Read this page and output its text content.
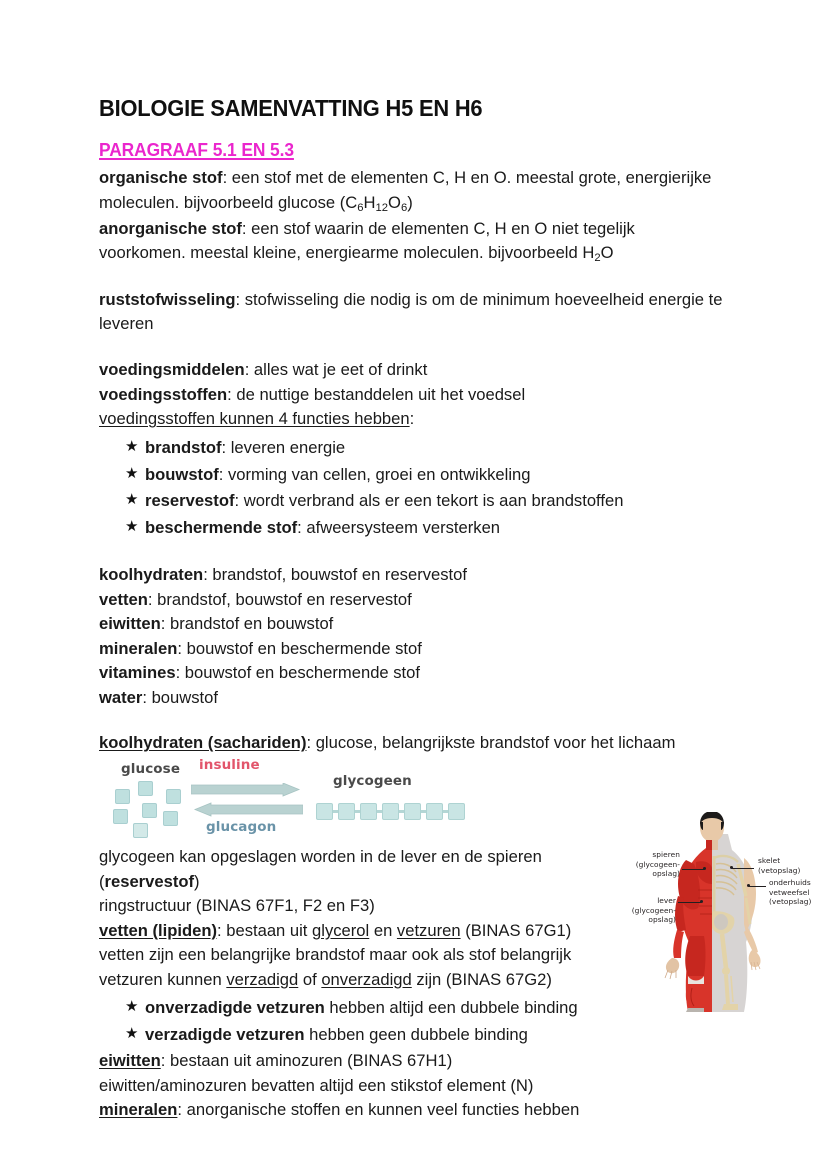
BIOLOGIE SAMENVATTING H5 EN H6
PARAGRAAF 5.1 EN 5.3
organische stof: een stof met de elementen C, H en O. meestal grote, energierijke
moleculen. bijvoorbeeld glucose $(C_6H_{12}O_6)$
anorganische stof: een stof waarin de elementen C, H en O niet tegelijk
voorkomen. meestal kleine, energiearme moleculen. bijvoorbeeld $H_2O$
ruststofwisseling: stofwisseling die nodig is om de minimum hoeveelheid energie te leveren
voedingsmiddelen: alles wat je eet of drinkt
voedingsstoffen: de nuttige bestanddelen uit het voedsel
voedingsstoffen kunnen 4 functies hebben:
★ brandstof: leveren energie
★ bouwstof: vorming van cellen, groei en ontwikkeling
★ reservestof: wordt verbrand als er een tekort is aan brandstoffen
★ beschermende stof: afweersysteem versterken
koolhydraten: brandstof, bouwstof en reservestof
vetten: brandstof, bouwstof en reservestof
eiwitten: brandstof en bouwstof
mineralen: bouwstof en beschermende stof
vitamines: bouwstof en beschermende stof
water: bouwstof
koolhydraten (sachariden): glucose, belangrijkste brandstof voor het lichaam
glucose insuline
glucagon
glycogeen
glycogeen kan opgeslagen worden in de lever en de spieren
(reservestof)
ringstructuur (BINAS 67F1, F2 en F3)
vetten (lipiden): bestaan uit glycerol en vetzuren (BINAS 67G1)
vetten zijn een belangrijke brandstof maar ook als stof belangrijk
vetzuren kunnen verzadigd of onverzadigd zijn (BINAS 67G2)
★ onverzadigde vetzuren hebben altijd een dubbele binding
★ verzadigde vetzuren hebben geen dubbele binding
eiwitten: bestaan uit aminozuren (BINAS 67H1)
eiwitten/aminozuren bevatten altijd een stikstof element (N)
mineralen: anorganische stoffen en kunnen veel functies hebben
spieren
(glycogeen-
opslag)
lever
(glycogeen-
opslag)
skelet
(vetopslag)
onderhuids
vetweefsel
(vetopslag)
